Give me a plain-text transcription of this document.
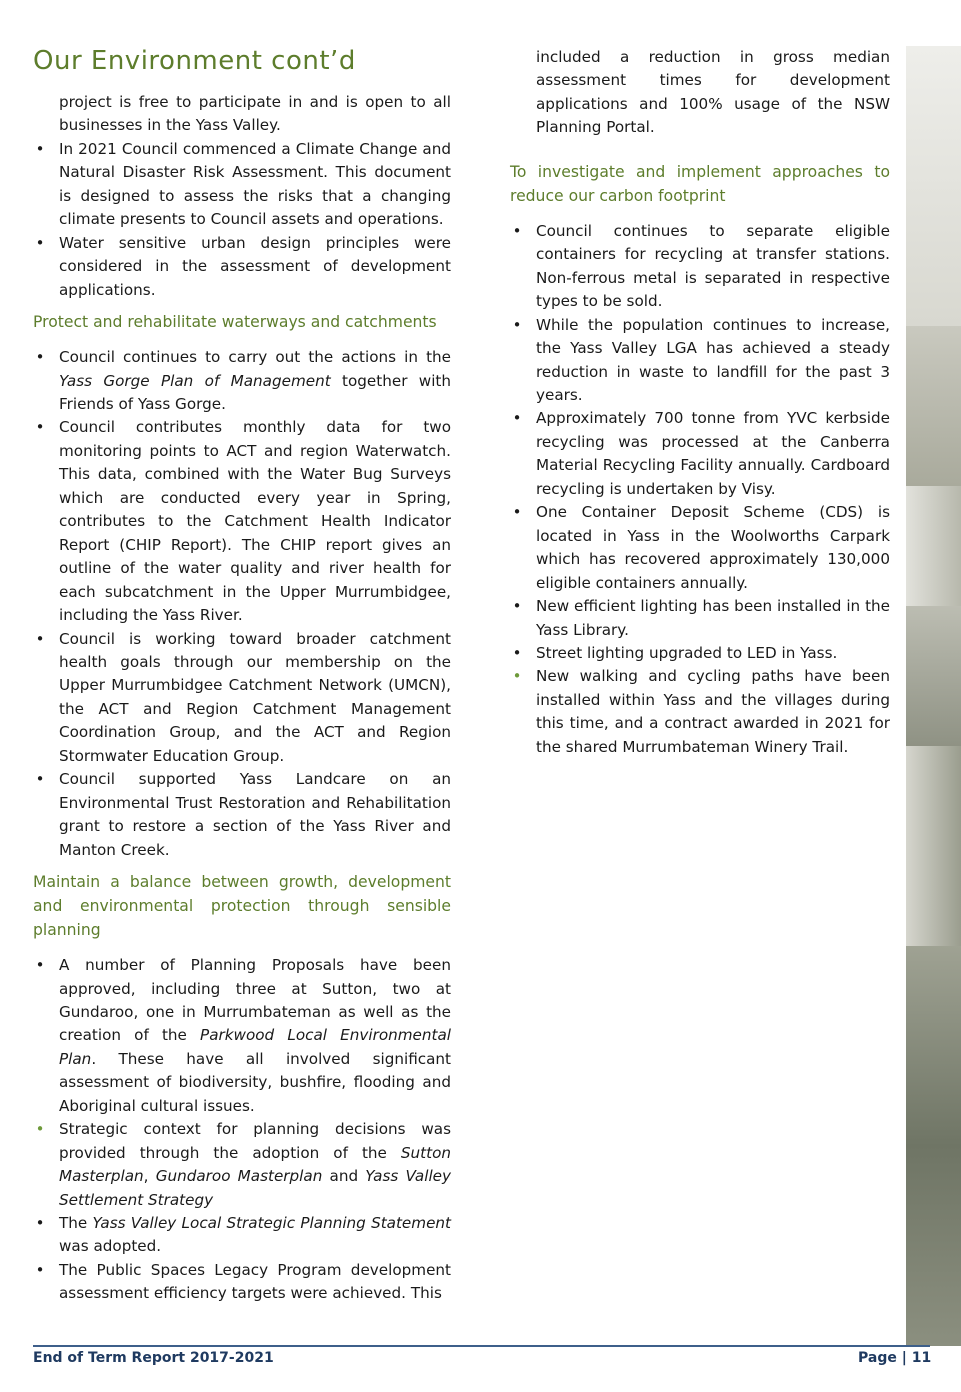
Our Environment cont’d

project is free to participate in and is open to all businesses in the Yass Valley.

• In 2021 Council commenced a Climate Change and Natural Disaster Risk Assessment. This document is designed to assess the risks that a changing climate presents to Council assets and operations.
• Water sensitive urban design principles were considered in the assessment of development applications.
Protect and rehabilitate waterways and catchments
• Council continues to carry out the actions in the Yass Gorge Plan of Management together with Friends of Yass Gorge.
• Council contributes monthly data for two monitoring points to ACT and region Waterwatch. This data, combined with the Water Bug Surveys which are conducted every year in Spring, contributes to the Catchment Health Indicator Report (CHIP Report). The CHIP report gives an outline of the water quality and river health for each subcatchment in the Upper Murrumbidgee, including the Yass River.
• Council is working toward broader catchment health goals through our membership on the Upper Murrumbidgee Catchment Network (UMCN), the ACT and Region Catchment Management Coordination Group, and the ACT and Region Stormwater Education Group.
• Council supported Yass Landcare on an Environmental Trust Restoration and Rehabilitation grant to restore a section of the Yass River and Manton Creek.
Maintain a balance between growth, development and environmental protection through sensible planning
• A number of Planning Proposals have been approved, including three at Sutton, two at Gundaroo, one in Murrumbateman as well as the creation of the Parkwood Local Environmental Plan. These have all involved significant assessment of biodiversity, bushfire, flooding and Aboriginal cultural issues.
• Strategic context for planning decisions was provided through the adoption of the Sutton Masterplan, Gundaroo Masterplan and Yass Valley Settlement Strategy
• The Yass Valley Local Strategic Planning Statement was adopted.
• The Public Spaces Legacy Program development assessment efficiency targets were achieved. This

included a reduction in gross median assessment times for development applications and 100% usage of the NSW Planning Portal.

To investigate and implement approaches to reduce our carbon footprint
• Council continues to separate eligible containers for recycling at transfer stations. Non-ferrous metal is separated in respective types to be sold.
• While the population continues to increase, the Yass Valley LGA has achieved a steady reduction in waste to landfill for the past 3 years.
• Approximately 700 tonne from YVC kerbside recycling was processed at the Canberra Material Recycling Facility annually. Cardboard recycling is undertaken by Visy.
• One Container Deposit Scheme (CDS) is located in Yass in the Woolworths Carpark which has recovered approximately 130,000 eligible containers annually.
• New efficient lighting has been installed in the Yass Library.
• Street lighting upgraded to LED in Yass.
• New walking and cycling paths have been installed within Yass and the villages during this time, and a contract awarded in 2021 for the shared Murrumbateman Winery Trail.
End of Term Report 2017-2021	Page | 11
